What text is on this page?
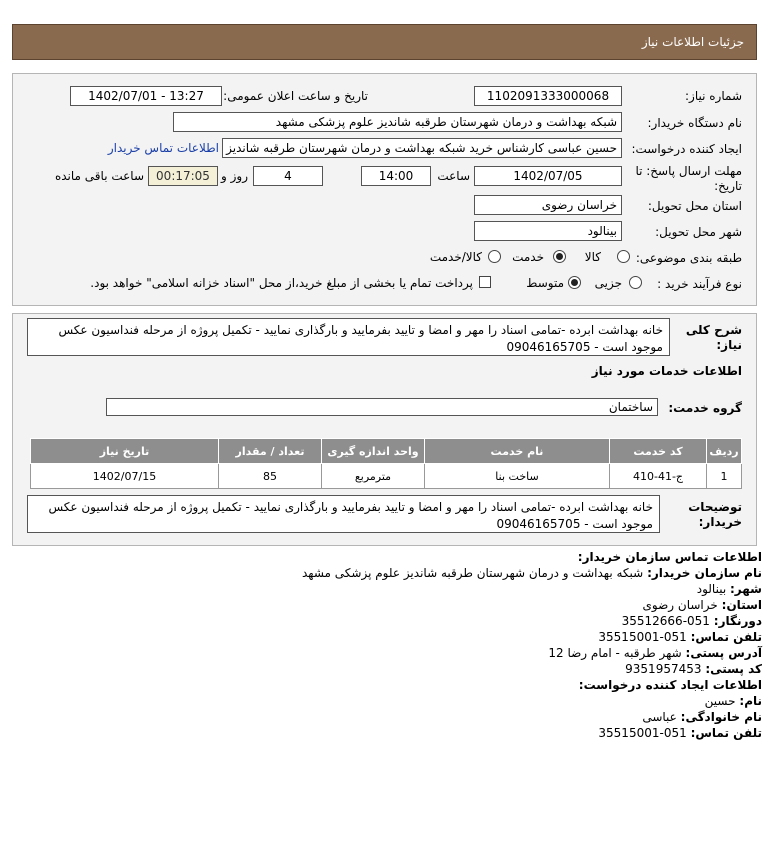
جزئیات اطلاعات نیاز
شماره نیاز:
1102091333000068
تاریخ و ساعت اعلان عمومی:
1402/07/01 - 13:27
نام دستگاه خریدار:
شبکه بهداشت و درمان شهرستان طرقبه شاندیز علوم پزشکی مشهد
ایجاد کننده درخواست:
حسین عباسی کارشناس خرید شبکه بهداشت و درمان شهرستان طرقبه شاندیز
اطلاعات تماس خریدار
مهلت ارسال پاسخ: تا تاریخ:
1402/07/05
ساعت
14:00
4
روز و
00:17:05
ساعت باقی مانده
استان محل تحویل:
خراسان رضوی
شهر محل تحویل:
بینالود
طبقه بندی موضوعی:
کالا
خدمت
کالا/خدمت
نوع فرآیند خرید :
جزیی
متوسط
پرداخت تمام یا بخشی از مبلغ خرید،از محل "اسناد خزانه اسلامی" خواهد بود.
شرح کلی نیاز:
خانه بهداشت ابرده -تمامی اسناد را مهر و امضا و تایید بفرمایید و بارگذاری نمایید - تکمیل پروژه از مرحله فنداسیون عکس موجود است - 09046165705
اطلاعات خدمات مورد نیاز
گروه خدمت:
ساختمان
ردیف	کد خدمت	نام خدمت	واحد اندازه گیری	تعداد / مقدار	تاریخ نیاز
1	ج-41-410	ساخت بنا	مترمربع	85	1402/07/15
توضیحات خریدار:
خانه بهداشت ابرده -تمامی اسناد را مهر و امضا و تایید بفرمایید و بارگذاری نمایید - تکمیل پروژه از مرحله فنداسیون عکس موجود است - 09046165705
اطلاعات تماس سازمان خریدار:
نام سازمان خریدار: شبکه بهداشت و درمان شهرستان طرقبه شاندیز علوم پزشکی مشهد
شهر: بینالود
استان: خراسان رضوی
دورنگار: 051-35512666
تلفن تماس: 051-35515001
آدرس پستی: شهر طرقبه - امام رضا 12
کد پستی: 9351957453
اطلاعات ایجاد کننده درخواست:
نام: حسین
نام خانوادگی: عباسی
تلفن تماس: 051-35515001
